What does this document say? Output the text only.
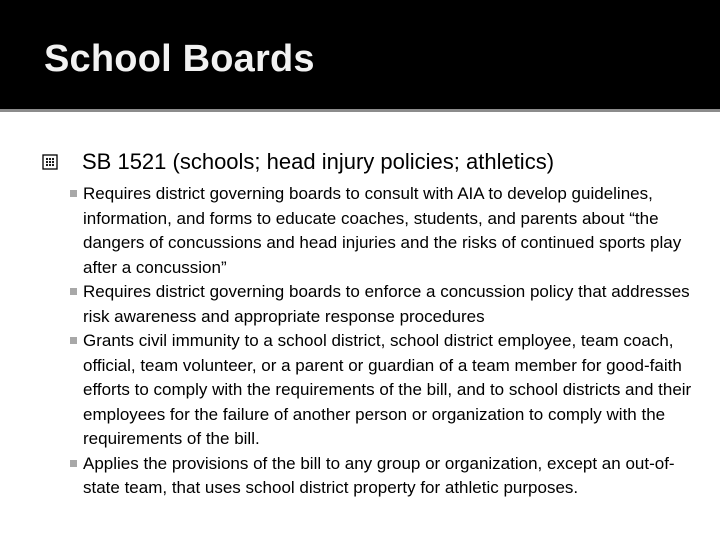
School Boards

SB 1521 (schools; head injury policies; athletics)

Requires district governing boards to consult with AIA to develop guidelines, information, and forms to educate coaches, students, and parents about “the dangers of concussions and head injuries and the risks of continued sports play after a concussion”
Requires district governing boards to enforce a concussion policy that addresses risk awareness and appropriate response procedures
Grants civil immunity to a school district, school district employee, team coach, official, team volunteer, or a parent or guardian of a team member for good-faith efforts to comply with the requirements of the bill, and to school districts and their employees for the failure of another person or organization to comply with the requirements of the bill.
Applies the provisions of the bill to any group or organization, except an out-of-state team, that uses school district property for athletic purposes.
